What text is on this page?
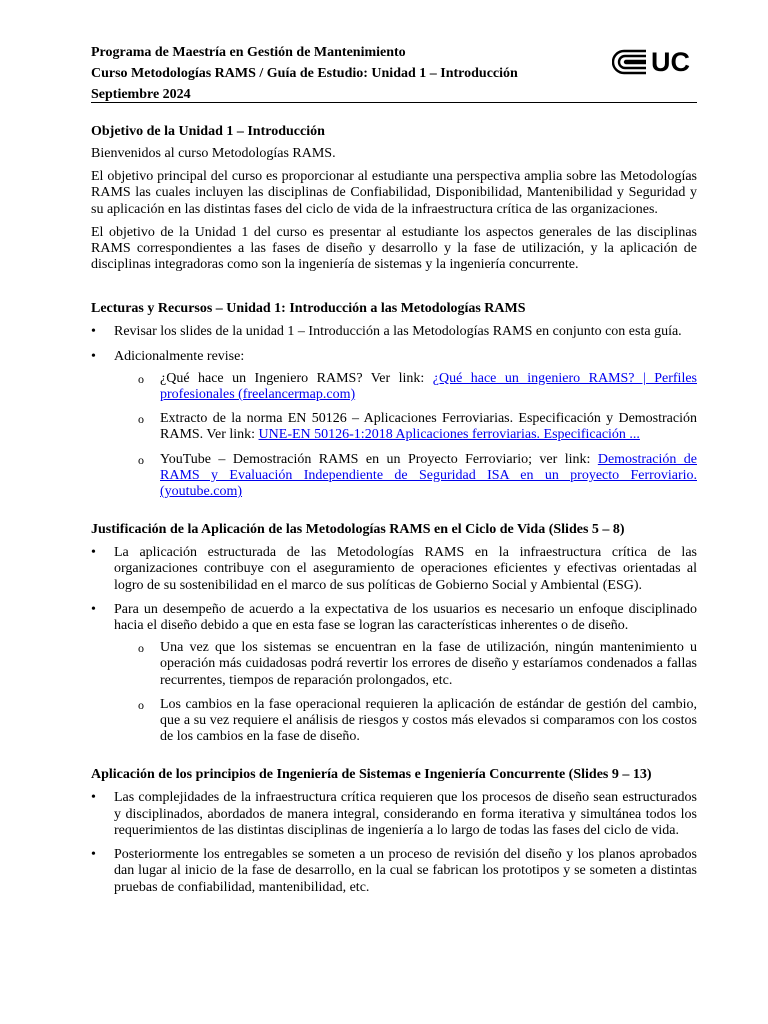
Programa de Maestría en Gestión de Mantenimiento
Curso Metodologías RAMS / Guía de Estudio: Unidad 1 – Introducción
Septiembre 2024
UC
Objetivo de la Unidad 1 – Introducción

Bienvenidos al curso Metodologías RAMS.

El objetivo principal del curso es proporcionar al estudiante una perspectiva amplia sobre las Metodologías RAMS las cuales incluyen las disciplinas de Confiabilidad, Disponibilidad, Mantenibilidad y Seguridad y su aplicación en las distintas fases del ciclo de vida de la infraestructura crítica de las organizaciones.

El objetivo de la Unidad 1 del curso es presentar al estudiante los aspectos generales de las disciplinas RAMS correspondientes a las fases de diseño y desarrollo y la fase de utilización, y la aplicación de disciplinas integradoras como son la ingeniería de sistemas y la ingeniería concurrente.

Lecturas y Recursos – Unidad 1: Introducción a las Metodologías RAMS
• Revisar los slides de la unidad 1 – Introducción a las Metodologías RAMS en conjunto con esta guía.
• Adicionalmente revise:
o ¿Qué hace un Ingeniero RAMS? Ver link: ¿Qué hace un ingeniero RAMS? | Perfiles profesionales (freelancermap.com)
o Extracto de la norma EN 50126 – Aplicaciones Ferroviarias. Especificación y Demostración RAMS. Ver link: UNE-EN 50126-1:2018 Aplicaciones ferroviarias. Especificación ...
o YouTube – Demostración RAMS en un Proyecto Ferroviario; ver link: Demostración de RAMS y Evaluación Independiente de Seguridad ISA en un proyecto Ferroviario. (youtube.com)
Justificación de la Aplicación de las Metodologías RAMS en el Ciclo de Vida (Slides 5 – 8)
• La aplicación estructurada de las Metodologías RAMS en la infraestructura crítica de las organizaciones contribuye con el aseguramiento de operaciones eficientes y efectivas orientadas al logro de su sostenibilidad en el marco de sus políticas de Gobierno Social y Ambiental (ESG).
• Para un desempeño de acuerdo a la expectativa de los usuarios es necesario un enfoque disciplinado hacia el diseño debido a que en esta fase se logran las características inherentes o de diseño.
o Una vez que los sistemas se encuentran en la fase de utilización, ningún mantenimiento u operación más cuidadosas podrá revertir los errores de diseño y estaríamos condenados a fallas recurrentes, tiempos de reparación prolongados, etc.
o Los cambios en la fase operacional requieren la aplicación de estándar de gestión del cambio, que a su vez requiere el análisis de riesgos y costos más elevados si comparamos con los costos de los cambios en la fase de diseño.
Aplicación de los principios de Ingeniería de Sistemas e Ingeniería Concurrente (Slides 9 – 13)
• Las complejidades de la infraestructura crítica requieren que los procesos de diseño sean estructurados y disciplinados, abordados de manera integral, considerando en forma iterativa y simultánea todos los requerimientos de las distintas disciplinas de ingeniería a lo largo de todas las fases del ciclo de vida.
• Posteriormente los entregables se someten a un proceso de revisión del diseño y los planos aprobados dan lugar al inicio de la fase de desarrollo, en la cual se fabrican los prototipos y se someten a distintas pruebas de confiabilidad, mantenibilidad, etc.
